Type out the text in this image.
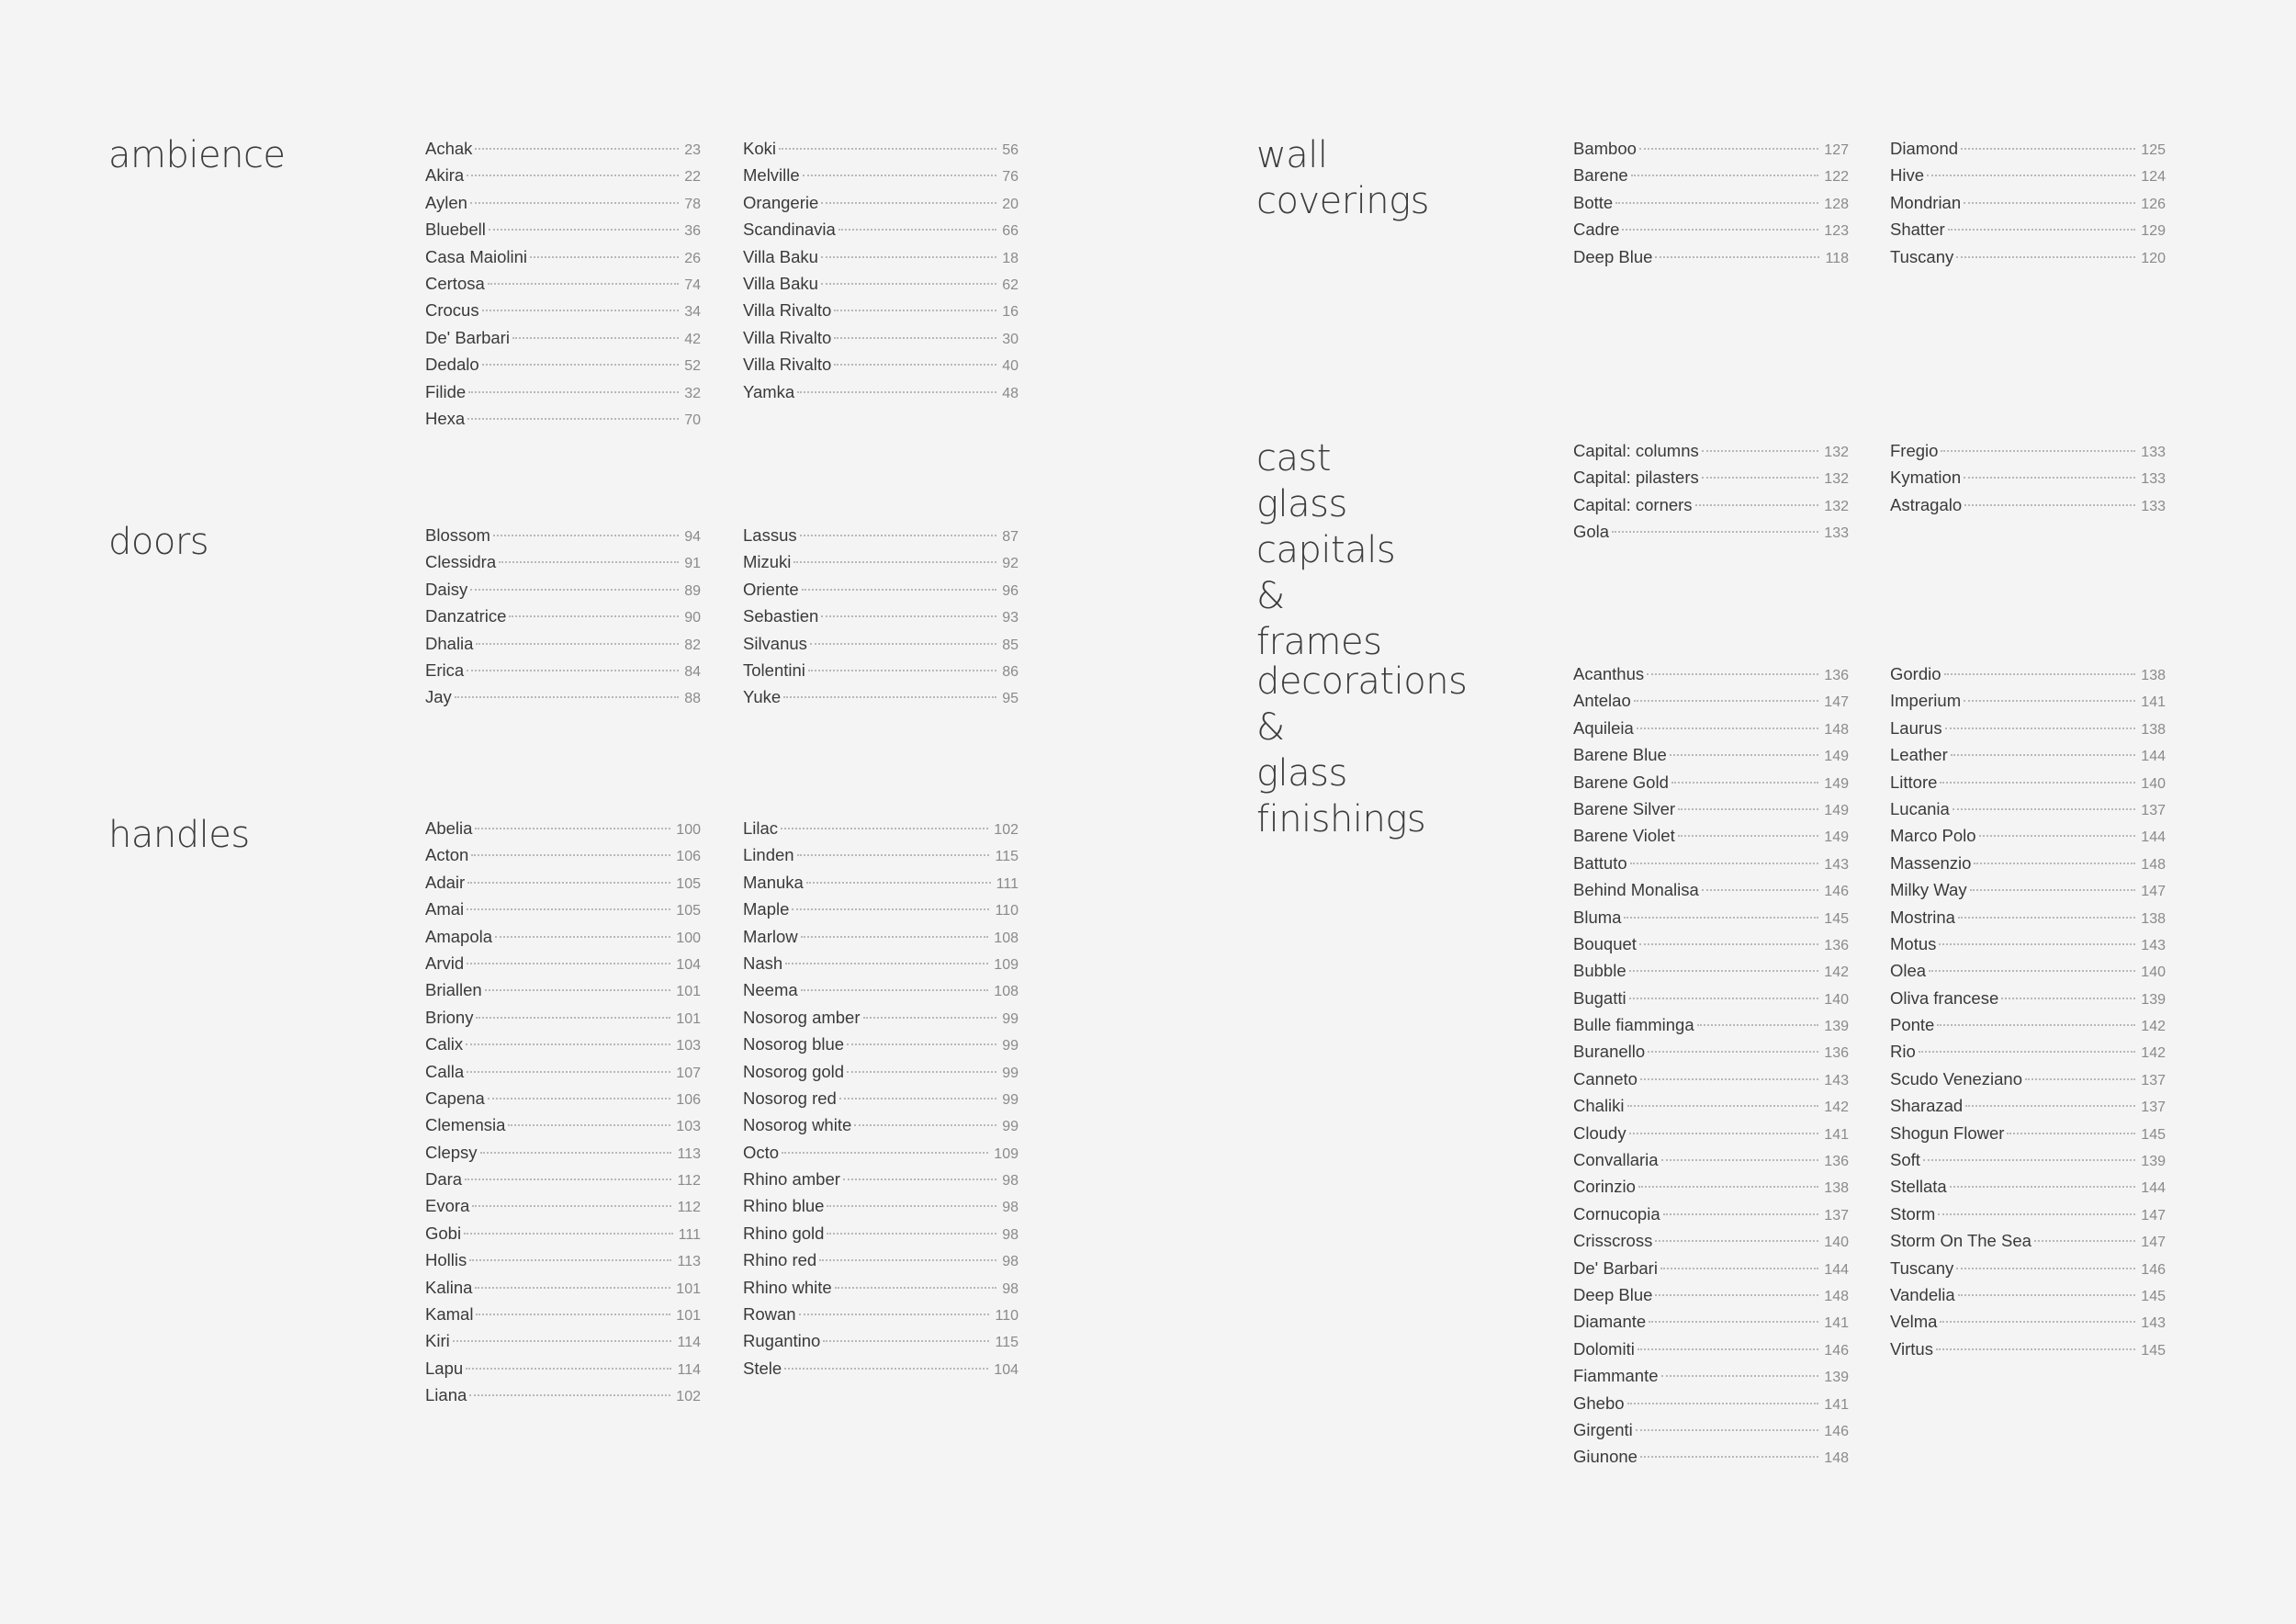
ambience	Achak	23
Akira	22
Aylen	78
Bluebell	36
Casa Maiolini	26
Certosa	74
Crocus	34
De' Barbari	42
Dedalo	52
Filide	32
Hexa	70
Koki	56
Melville	76
Orangerie	20
Scandinavia	66
Villa Baku	18
Villa Baku	62
Villa Rivalto	16
Villa Rivalto	30
Villa Rivalto	40
Yamka	48
doors	Blossom	94
Clessidra	91
Daisy	89
Danzatrice	90
Dhalia	82
Erica	84
Jay	88
Lassus	87
Mizuki	92
Oriente	96
Sebastien	93
Silvanus	85
Tolentini	86
Yuke	95
handles	Abelia	100
Acton	106
Adair	105
Amai	105
Amapola	100
Arvid	104
Briallen	101
Briony	101
Calix	103
Calla	107
Capena	106
Clemensia	103
Clepsy	113
Dara	112
Evora	112
Gobi	111
Hollis	113
Kalina	101
Kamal	101
Kiri	114
Lapu	114
Liana	102
Lilac	102
Linden	115
Manuka	111
Maple	110
Marlow	108
Nash	109
Neema	108
Nosorog amber	99
Nosorog blue	99
Nosorog gold	99
Nosorog red	99
Nosorog white	99
Octo	109
Rhino amber	98
Rhino blue	98
Rhino gold	98
Rhino red	98
Rhino white	98
Rowan	110
Rugantino	115
Stele	104
wall coverings
Bamboo	127
Barene	122
Botte	128
Cadre	123
Deep Blue	118
Diamond	125
Hive	124
Mondrian	126
Shatter	129
Tuscany	120
cast glass
capitals & frames
Capital: columns	132
Capital: pilasters	132
Capital: corners	132
Gola	133
Fregio	133
Kymation	133
Astragalo	133
decorations &
glass finishings
Acanthus	136
Antelao	147
Aquileia	148
Barene Blue	149
Barene Gold	149
Barene Silver	149
Barene Violet	149
Battuto	143
Behind Monalisa	146
Bluma	145
Bouquet	136
Bubble	142
Bugatti	140
Bulle fiamminga	139
Buranello	136
Canneto	143
Chaliki	142
Cloudy	141
Convallaria	136
Corinzio	138
Cornucopia	137
Crisscross	140
De' Barbari	144
Deep Blue	148
Diamante	141
Dolomiti	146
Fiammante	139
Ghebo	141
Girgenti	146
Giunone	148
Gordio	138
Imperium	141
Laurus	138
Leather	144
Littore	140
Lucania	137
Marco Polo	144
Massenzio	148
Milky Way	147
Mostrina	138
Motus	143
Olea	140
Oliva francese	139
Ponte	142
Rio	142
Scudo Veneziano	137
Sharazad	137
Shogun Flower	145
Soft	139
Stellata	144
Storm	147
Storm On The Sea	147
Tuscany	146
Vandelia	145
Velma	143
Virtus	145
